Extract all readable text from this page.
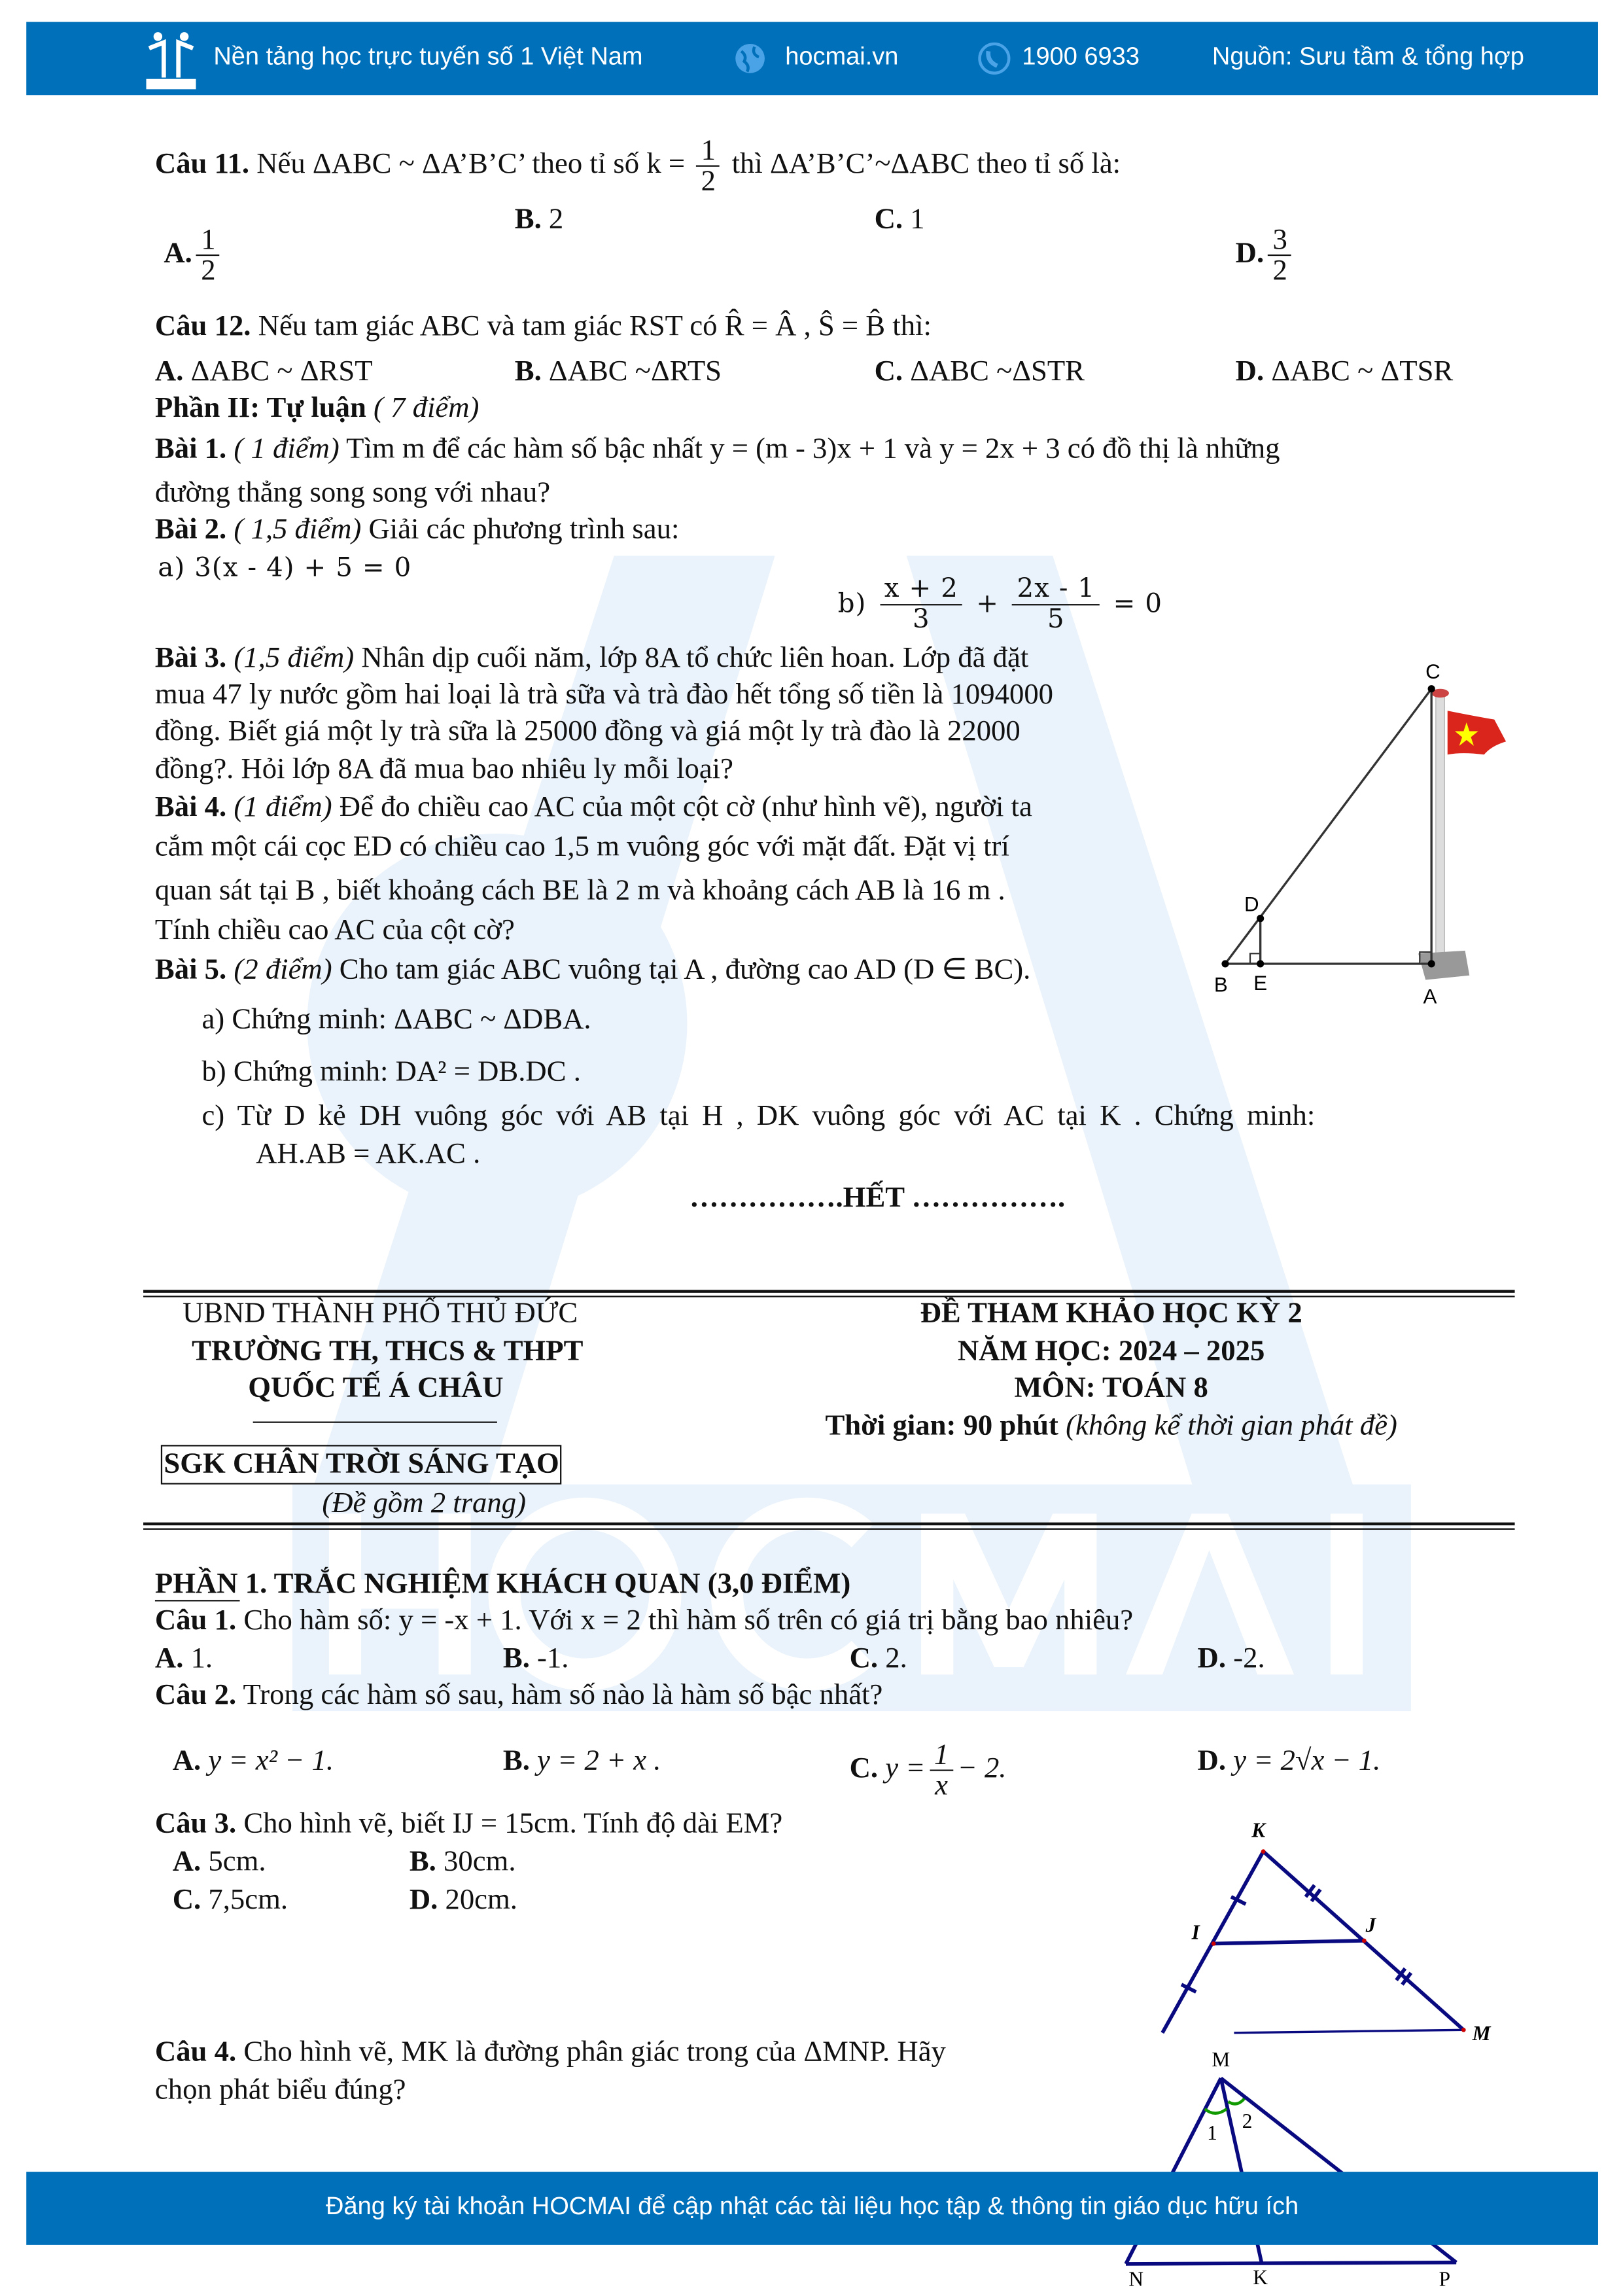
Nền tảng học trực tuyến số 1 Việt Nam	hocmai.vn	1900 6933	Nguồn: Sưu tầm & tổng hợp
Câu 11. Nếu ΔABC ~ ΔA’B’C’ theo tỉ số $k = \frac{1}{2}$ thì ΔA’B’C’~ΔABC theo tỉ số là:
A. $\frac{1}{2}$
B. 2	C. 1
D. $\frac{3}{2}$
Câu 12. Nếu tam giác ABC và tam giác RST có R̂ = Â , Ŝ = B̂ thì:
A. ΔABC ~ ΔRST	B. ΔABC ~ΔRTS	C. ΔABC ~ΔSTR	D. ΔABC ~ ΔTSR
Phần II: Tự luận ( 7 điểm)
Bài 1. ( 1 điểm) Tìm m để các hàm số bậc nhất y = (m - 3)x + 1 và y = 2x + 3 có đồ thị là những
đường thẳng song song với nhau?
Bài 2. ( 1,5 điểm) Giải các phương trình sau:
a) 3(x - 4) + 5 = 0
$b) \frac{x + 2}{3} + \frac{2x - 1}{5} = 0$
Bài 3. (1,5 điểm) Nhân dịp cuối năm, lớp 8A tổ chức liên hoan. Lớp đã đặt
mua 47 ly nước gồm hai loại là trà sữa và trà đào hết tổng số tiền là 1094000
đồng. Biết giá một ly trà sữa là 25000 đồng và giá một ly trà đào là 22000
đồng?. Hỏi lớp 8A đã mua bao nhiêu ly mỗi loại?
Bài 4. (1 điểm) Để đo chiều cao AC của một cột cờ (như hình vẽ), người ta
cắm một cái cọc ED có chiều cao 1,5 m vuông góc với mặt đất. Đặt vị trí
quan sát tại B , biết khoảng cách BE là 2 m và khoảng cách AB là 16 m .
Tính chiều cao AC của cột cờ?
Bài 5. (2 điểm) Cho tam giác ABC vuông tại A , đường cao AD (D ∈ BC).
a) Chứng minh: ΔABC ~ ΔDBA.
b) Chứng minh: DA² = DB.DC .
c) Từ D kẻ DH vuông góc với AB tại H , DK vuông góc với AC tại K . Chứng minh:
AH.AB = AK.AC .
…………….HẾT …………….
C
D
B	E
A
UBND THÀNH PHỐ THỦ ĐỨC
TRƯỜNG TH, THCS & THPT
QUỐC TẾ Á CHÂU
SGK CHÂN TRỜI SÁNG TẠO
(Đề gồm 2 trang)
ĐỀ THAM KHẢO HỌC KỲ 2
NĂM HỌC: 2024 – 2025
MÔN: TOÁN 8
Thời gian: 90 phút (không kể thời gian phát đề)
PHẦN 1. TRẮC NGHIỆM KHÁCH QUAN (3,0 ĐIỂM)
Câu 1. Cho hàm số: y = -x + 1. Với x = 2 thì hàm số trên có giá trị bằng bao nhiêu?
A. 1.	B. -1.	C. 2.	D. -2.
Câu 2. Trong các hàm số sau, hàm số nào là hàm số bậc nhất?
A. y = x² − 1.	B. y = 2 + x .	C. $y = \frac{1}{x} - 2$.	D. y = 2√x − 1.
Câu 3. Cho hình vẽ, biết IJ = 15cm. Tính độ dài EM?
A. 5cm.	B. 30cm.
C. 7,5cm.	D. 20cm.
Câu 4. Cho hình vẽ, MK là đường phân giác trong của ΔMNP. Hãy
chọn phát biểu đúng?
K
I	J
M
M
1
2
N	K	P
Đăng ký tài khoản HOCMAI để cập nhật các tài liệu học tập & thông tin giáo dục hữu ích
